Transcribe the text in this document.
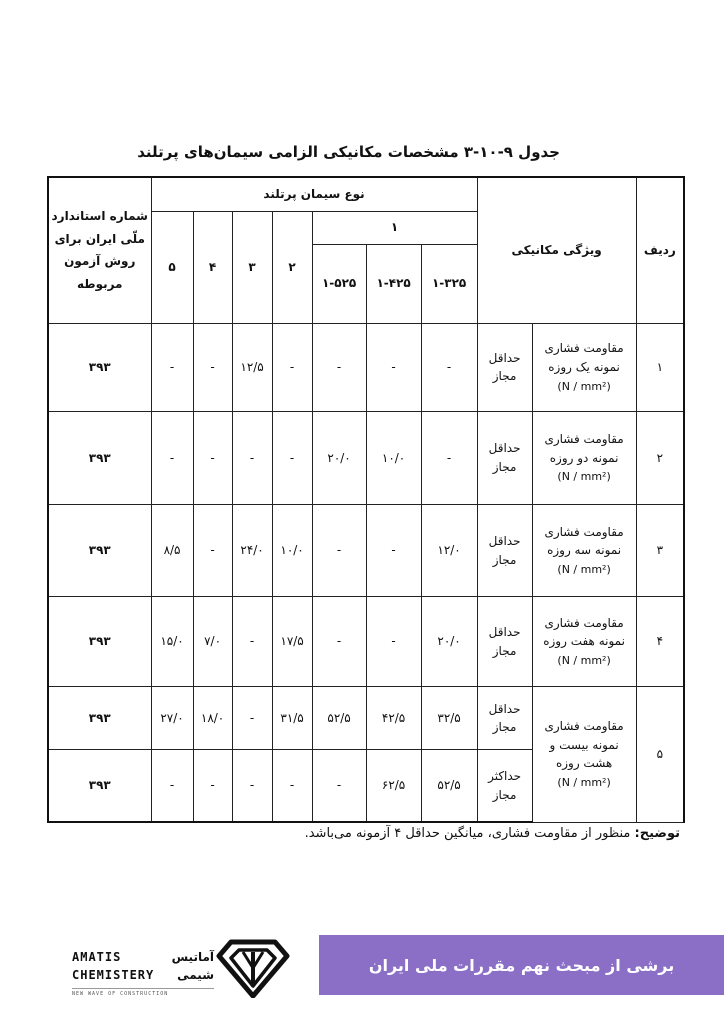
جدول ۹-۱۰-۳ مشخصات مکانیکی الزامی سیمان‌های پرتلند
ردیف	ویژگی مکانیکی		نوع سیمان پرتلند							شماره استاندارد ملّی ایران برای روش آزمون مربوطه
			۱			۲	۳	۴	۵	
			۱-۳۲۵	۱-۴۲۵	۱-۵۲۵					
۱	مقاومت فشاری
نمونه یک روزه
(N / mm²)	حداقل مجاز	-	-	-	-	۱۲/۵	-	-	۳۹۳
۲	مقاومت فشاری
نمونه دو روزه
(N / mm²)	حداقل مجاز	-	۱۰/۰	۲۰/۰	-	-	-	-	۳۹۳
۳	مقاومت فشاری
نمونه سه روزه
(N / mm²)	حداقل مجاز	۱۲/۰	-	-	۱۰/۰	۲۴/۰	-	۸/۵	۳۹۳
۴	مقاومت فشاری
نمونه هفت روزه
(N / mm²)	حداقل مجاز	۲۰/۰	-	-	۱۷/۵	-	۷/۰	۱۵/۰	۳۹۳
۵	مقاومت فشاری
نمونه بیست و
هشت روزه
(N / mm²)	حداقل مجاز	۳۲/۵	۴۲/۵	۵۲/۵	۳۱/۵	-	۱۸/۰	۲۷/۰	۳۹۳
		حداکثر مجاز	۵۲/۵	۶۲/۵	-	-	-	-	-	۳۹۳
توضیح: منظور از مقاومت فشاری، میانگین حداقل ۴ آزمونه می‌باشد.
AMATIS	آماتیس
CHEMISTERY شیمی
NEW WAVE OF CONSTRUCTION
برشی از مبحث نهم مقررات ملی ایران
